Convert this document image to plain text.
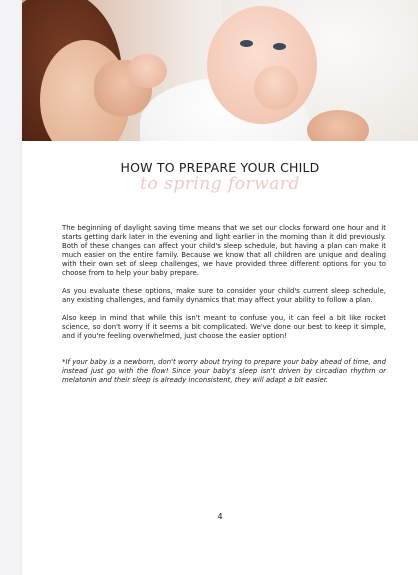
HOW TO PREPARE YOUR CHILD
to spring forward

The beginning of daylight saving time means that we set our clocks forward one hour and it starts getting dark later in the evening and light earlier in the morning than it did previously. Both of these changes can affect your child's sleep schedule, but having a plan can make it much easier on the entire family. Because we know that all children are unique and dealing with their own set of sleep challenges, we have provided three different options for you to choose from to help your baby prepare.

As you evaluate these options, make sure to consider your child's current sleep schedule, any existing challenges, and family dynamics that may affect your ability to follow a plan.

Also keep in mind that while this isn't meant to confuse you, it can feel a bit like rocket science, so don't worry if it seems a bit complicated. We've done our best to keep it simple, and if you're feeling overwhelmed, just choose the easier option!

*If your baby is a newborn, don't worry about trying to prepare your baby ahead of time, and instead just go with the flow! Since your baby's sleep isn't driven by circadian rhythm or melatonin and their sleep is already inconsistent, they will adapt a bit easier.

4
